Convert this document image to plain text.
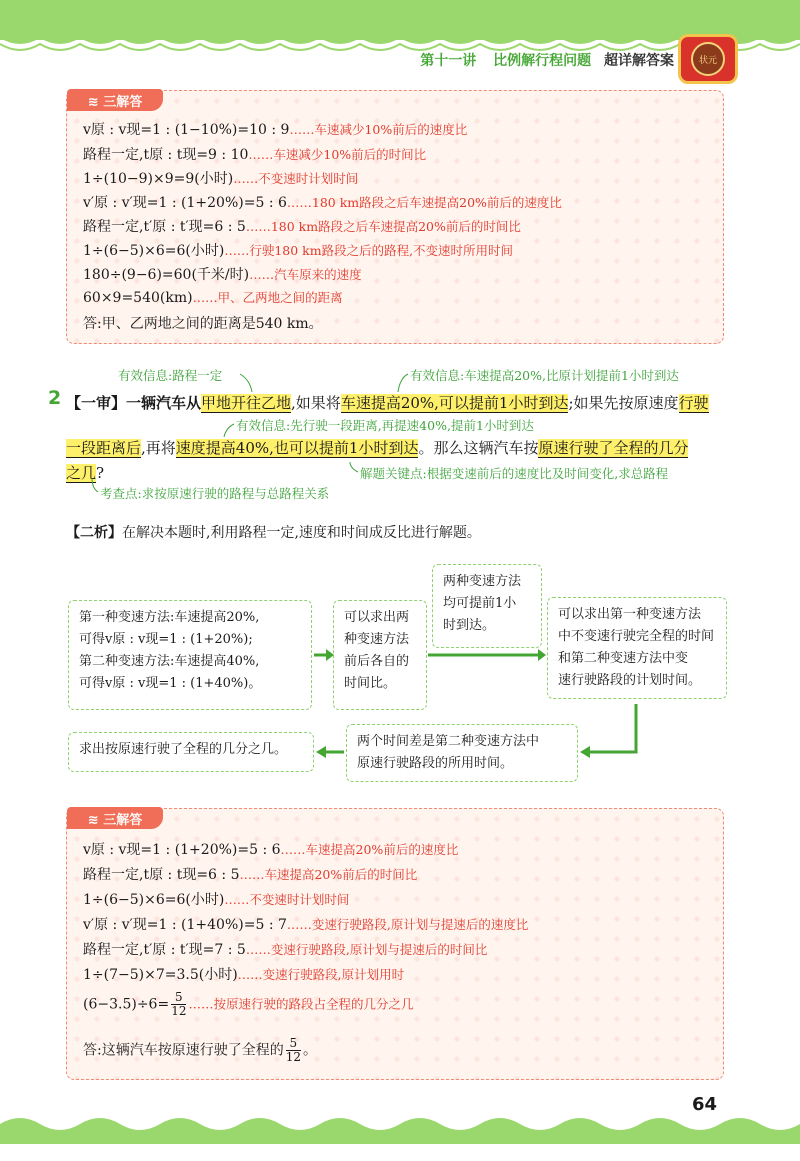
第十一讲 比例解行程问题 超详解答案	状元
≋ 三解答
v原 : v现=1 : (1−10%)=10 : 9……车速减少10%前后的速度比
路程一定,t原 : t现=9 : 10……车速减少10%前后的时间比
1÷(10−9)×9=9(小时)……不变速时计划时间
v′原 : v′现=1 : (1+20%)=5 : 6……180 km路段之后车速提高20%前后的速度比
路程一定,t′原 : t′现=6 : 5……180 km路段之后车速提高20%前后的时间比
1÷(6−5)×6=6(小时)……行驶180 km路段之后的路程,不变速时所用时间
180÷(9−6)=60(千米/时)……汽车原来的速度
60×9=540(km)……甲、乙两地之间的距离
答:甲、乙两地之间的距离是540 km。
有效信息:路程一定	有效信息:车速提高20%,比原计划提前1小时到达
2 【一审】一辆汽车从甲地开往乙地,如果将车速提高20%,可以提前1小时到达;如果先按原速度行驶
有效信息:先行驶一段距离,再提速40%,提前1小时到达
一段距离后,再将速度提高40%,也可以提前1小时到达。那么这辆汽车按原速行驶了全程的几分
之几?	解题关键点:根据变速前后的速度比及时间变化,求总路程
考查点:求按原速行驶的路程与总路程关系
【二析】在解决本题时,利用路程一定,速度和时间成反比进行解题。
第一种变速方法:车速提高20%,
可得v原 : v现=1 : (1+20%);
第二种变速方法:车速提高40%,
可得v原 : v现=1 : (1+40%)。
可以求出两
种变速方法
前后各自的
时间比。
两种变速方法
均可提前1小
时到达。
可以求出第一种变速方法
中不变速行驶完全程的时间
和第二种变速方法中变
速行驶路段的计划时间。
两个时间差是第二种变速方法中
原速行驶路段的所用时间。
求出按原速行驶了全程的几分之几。
≋ 三解答
v原 : v现=1 : (1+20%)=5 : 6……车速提高20%前后的速度比
路程一定,t原 : t现=6 : 5……车速提高20%前后的时间比
1÷(6−5)×6=6(小时)……不变速时计划时间
v′原 : v′现=1 : (1+40%)=5 : 7……变速行驶路段,原计划与提速后的速度比
路程一定,t′原 : t′现=7 : 5……变速行驶路段,原计划与提速后的时间比
1÷(7−5)×7=3.5(小时)……变速行驶路段,原计划用时
$(6-3.5)\div 6= \frac{5}{12}$ ……按原速行驶的路段占全程的几分之几
答:这辆汽车按原速行驶了全程的 $\frac{5}{12}$ 。
64
